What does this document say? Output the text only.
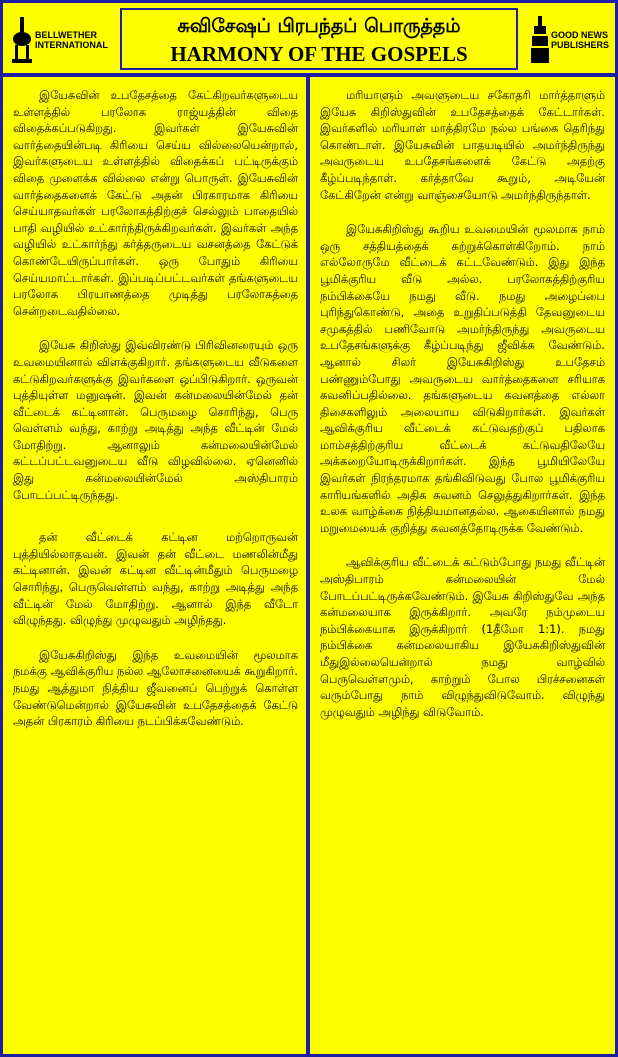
BELLWETHER INTERNATIONAL
சுவிசேஷப் பிரபந்தப் பொருத்தம்
HARMONY OF THE GOSPELS
GOOD NEWS PUBLISHERS

இயேசுவின் உபதேசத்தை கேட்கிறவர்களுடைய உள்ளத்தில் பரலோக ராஜ்யத்தின் விதை விதைக்கப்படுகிறது. இவர்கள் இயேசுவின் வார்த்தையின்படி கிரியை செய்ய வில்லையென்றால், இவர்களுடைய உள்ளத்தில் விதைக்கப் பட்டிருக்கும் விதை முளைக்க வில்லை என்று பொருள். இயேசுவின் வார்த்தைகளைக் கேட்டு அதன் பிரகாரமாக கிரியை செய்யாதவர்கள் பரலோகத்திற்குச் செல்லும் பாதையில் பாதி வழியில் உட்கார்ந்திருக்கிறவர்கள். இவர்கள் அந்த வழியில் உட்கார்ந்து கர்த்தருடைய வசனத்தை கேட்டுக் கொண்டேயிருப்பார்கள். ஒரு போதும் கிரியை செய்யமாட்டார்கள். இப்படிப்பட்டவர்கள் தங்களுடைய பரலோக பிரயாணத்தை முடித்து பரலோகத்தை சென்றடைவதில்லை.

இயேசு கிறிஸ்து இவ்விரண்டு பிரிவினரையும் ஒரு உவமையினால் விளக்குகிறார். தங்களுடைய வீடுகளை கட்டுகிறவர்களுக்கு இவர்களை ஒப்பிடுகிறார். ஒருவன் புத்தியுள்ள மனுஷன். இவன் கன்மலையின்மேல் தன் வீட்டைக் கட்டினான். பெருமழை சொரிந்து, பெரு வெள்ளம் வந்து, காற்று அடித்து அந்த வீட்டின் மேல் மோதிற்று. ஆனாலும் கன்மலையின்மேல் கட்டப்பட்டவனுடைய வீடு விழவில்லை. ஏனெனில் இது கன்மலையின்மேல் அஸ்திபாரம் போடப்பட்டிருந்தது.

தன் வீட்டைக் கட்டின மற்றொருவன் புத்தியில்லாதவன். இவன் தன் வீட்டை மணலின்மீது கட்டினான். இவன் கட்டின வீட்டின்மீதும் பெருமழை சொரிந்து, பெருவெள்ளம் வந்து, காற்று அடித்து அந்த வீட்டின் மேல் மோதிற்று. ஆனால் இந்த வீடோ விழுந்தது. விழுந்து முழுவதும் அழிந்தது.

இயேசுகிறிஸ்து இந்த உவமையின் மூலமாக நமக்கு ஆவிக்குரிய நல்ல ஆலோசனையைக் கூறுகிறார். நமது ஆத்துமா நித்திய ஜீவனைப் பெற்றுக் கொள்ள வேண்டுமென்றால் இயேசுவின் உபதேசத்தைக் கேட்டு அதன் பிரகாரம் கிரியை நடப்பிக்கவேண்டும்.

மரியாளும் அவளுடைய சகோதரி மார்த்தாளும் இயேசு கிறிஸ்துவின் உபதேசத்தைக் கேட்டார்கள். இவர்களில் மரியாள் மாத்திரமே நல்ல பங்கை தெரிந்து கொண்டாள். இயேசுவின் பாதயடியில் அமர்ந்திருந்து அவருடைய உபதேசங்களைக் கேட்டு அதற்கு கீழ்ப்படிந்தாள். கர்த்தாவே கூறும், அடியேன் கேட்கிறேன் என்று வாஞ்சையோடு அமர்ந்திருந்தாள்.

இயேசுகிறிஸ்து கூறிய உவமையின் மூலமாக நாம் ஒரு சத்தியத்தைக் கற்றுக்கொள்கிறோம். நாம் எல்லோருமே வீட்டைக் கட்டவேண்டும். இது இந்த பூமிக்குரிய வீடு அல்ல. பரலோகத்திற்குரிய நம்பிக்கையே நமது வீடு. நமது அழைப்பை புரிந்துகொண்டு, அதை உறுதிப்படுத்தி தேவனுடைய சமுகத்தில் பணிவோடு அமர்ந்திருந்து அவருடைய உபதேசங்களுக்கு கீழ்ப்படிந்து ஜீவிக்க வேண்டும். ஆனால் சிலர் இயேசுகிறிஸ்து உபதேசம் பண்ணும்போது அவருடைய வார்த்தைகளை சரியாக கவனிப்பதில்லை. தங்களுடைய கவனத்தை எல்லா திசைகளிலும் அலையாய விடுகிறார்கள். இவர்கள் ஆவிக்குரிய வீட்டைக் கட்டுவதற்குப் பதிலாக மாம்சத்திற்குரிய வீட்டைக் கட்டுவதிலேயே அக்கறையோடிருக்கிறார்கள். இந்த பூமியிலேயே இவர்கள் நிரந்தரமாக தங்கிவிடுவது போல பூமிக்குரிய காரியங்களில் அதிக கவனம் செலுத்துகிறார்கள். இந்த உலக வாழ்க்கை நித்தியமானதல்ல. ஆகையினால் நமது மறுமையைக் குறித்து கவனத்தோடிருக்க வேண்டும்.

ஆவிக்குரிய வீட்டைக் கட்டும்போது நமது வீட்டின் அஸ்திபாரம் கன்மலையின் மேல் போடப்பட்டிருக்கவேண்டும். இயேசு கிறிஸ்துவே அந்த கன்மலையாக இருக்கிறார். அவரே நம்முடைய நம்பிக்கையாக இருக்கிறார் (1தீமோ 1:1). நமது நம்பிக்கை கன்மலையாகிய இயேசுகிறிஸ்துவின் மீதுஇல்லையென்றால் நமது வாழ்வில் பெருவெள்ளமும், காற்றும் போல பிரச்சனைகள் வரும்போது நாம் விழுந்துவிடுவோம். விழுந்து முழுவதும் அழிந்து விடுவோம்.
